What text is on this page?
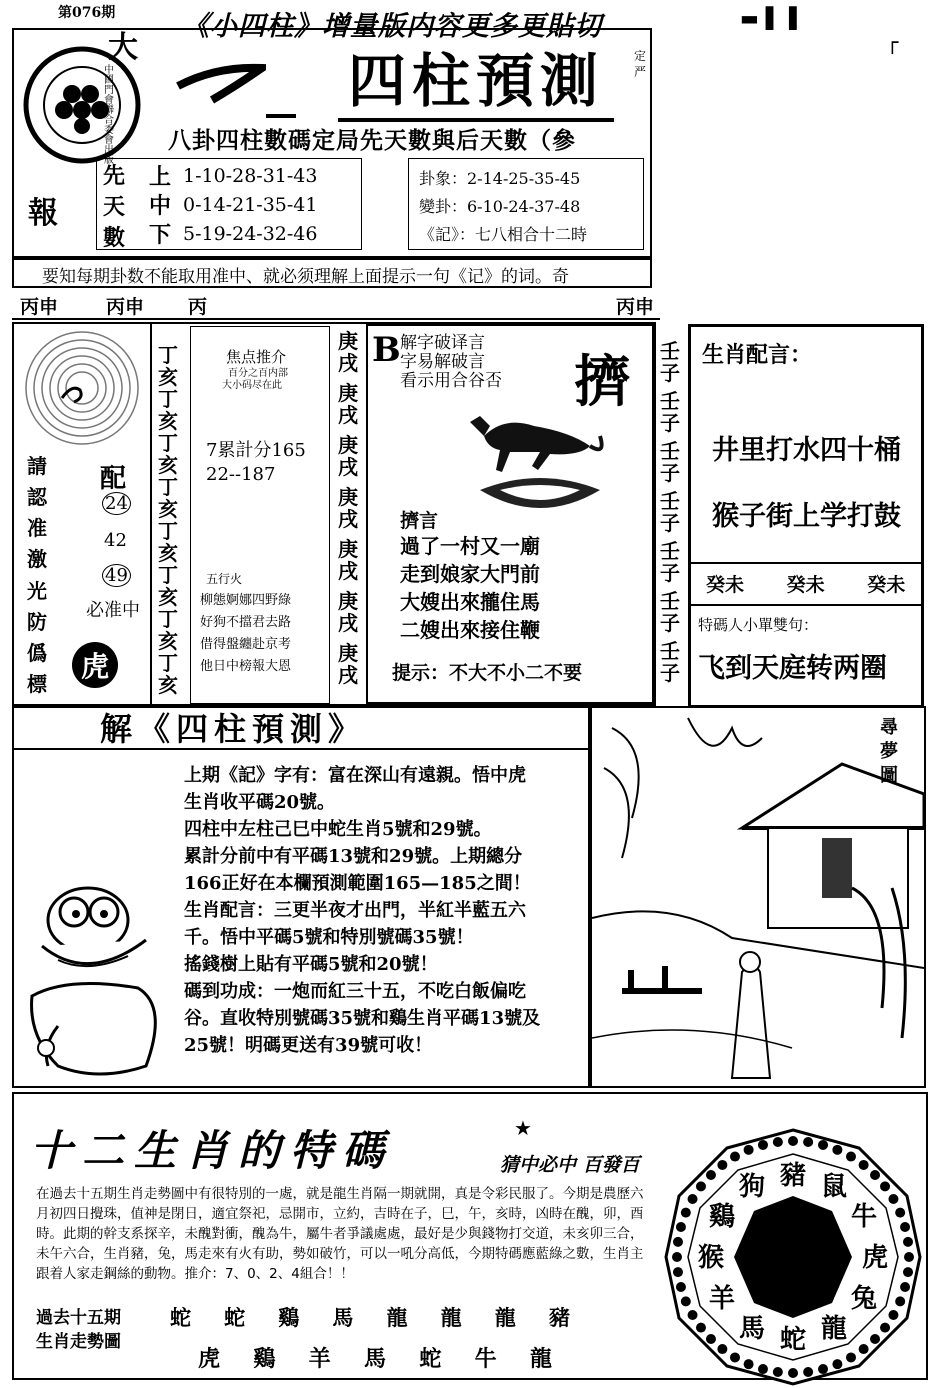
第076期 《小四柱》增量版内容更多更貼切	▬ ▌▐                      ┌
大
報
中國門會聯合委會出版
四柱預測	定
严
八卦四柱數碼定局先天數與后天數（參
先
天
數
上 1-10-28-31-43
中 0-14-21-35-41
下 5-19-24-32-46
卦象：2-14-25-35-45
變卦：6-10-24-37-48
《記》：七八相合十二時
要知每期卦数不能取用准中、就必须理解上面提示一句《记》的词。奇
丙申	丙申 丙	丙申
請
認
准
激
光
防
僞
標
配
24
42
49
必准中
虎
丁亥
丁亥
丁亥
丁亥
丁亥
丁亥
丁亥
丁亥
焦点推介
百分之百内部
大小码尽在此
7累計分165
22--187
五行火
柳態婀娜四野綠
好狗不擋君去路
借得盤纏赴京考
他日中榜報大恩
庚戌
庚戌
庚戌
庚戌
庚戌
庚戌
庚戌
B 解字破译言
字易解破言
看示用合谷否 擠
擠言
過了一村又一廟
走到娘家大門前
大嫂出來攏住馬
二嫂出來接住鞭
提示：不大不小二不要
壬子
壬子
壬子
壬子
壬子
壬子
壬子
生肖配言：
井里打水四十桶
猴子街上学打鼓
癸未 癸未 癸未
特碼人小單雙句：
飞到天庭转两圈
解《四柱預測》
上期《記》字有：富在深山有遠親。悟中虎
生肖收平碼20號。
四柱中左柱己巳中蛇生肖5號和29號。
累計分前中有平碼13號和29號。上期總分
166正好在本欄預測範圍165—185之間！
生肖配言：三更半夜才出門，半紅半藍五六
千。悟中平碼5號和特別號碼35號！
搖錢樹上貼有平碼5號和20號！
碼到功成：一炮而紅三十五，不吃白飯偏吃
谷。直收特別號碼35號和鷄生肖平碼13號及
25號！明碼更送有39號可收！
尋夢圖
十二生肖的特碼	★
猜中必中 百發百
在過去十五期生肖走勢圖中有很特別的一處，就是龍生肖隔一期就開，真是令彩民服了。今期是農歷六月初四日攪珠，值神是閉日，適宜祭祀，忌開市，立約，吉時在子，巳，午，亥時，凶時在醜，卯，酉時。此期的幹支系探辛，未醜對衝，醜為牛，屬牛者爭議處處，最好是少與錢物打交道，未亥卯三合，未午六合，生肖豬，兔，馬走來有火有助，勢如破竹，可以一吼分高低，今期特碼應藍綠之數，生肖主跟着人家走鋼絲的動物。推介：7、0、2、4組合！！
過去十五期
生肖走勢圖
蛇 蛇 鷄 馬 龍 龍 龍 豬
虎 鷄 羊 馬 蛇 牛 龍
狗 豬 鼠
牛
虎
兔
龍
蛇
馬
羊
猴
鷄
